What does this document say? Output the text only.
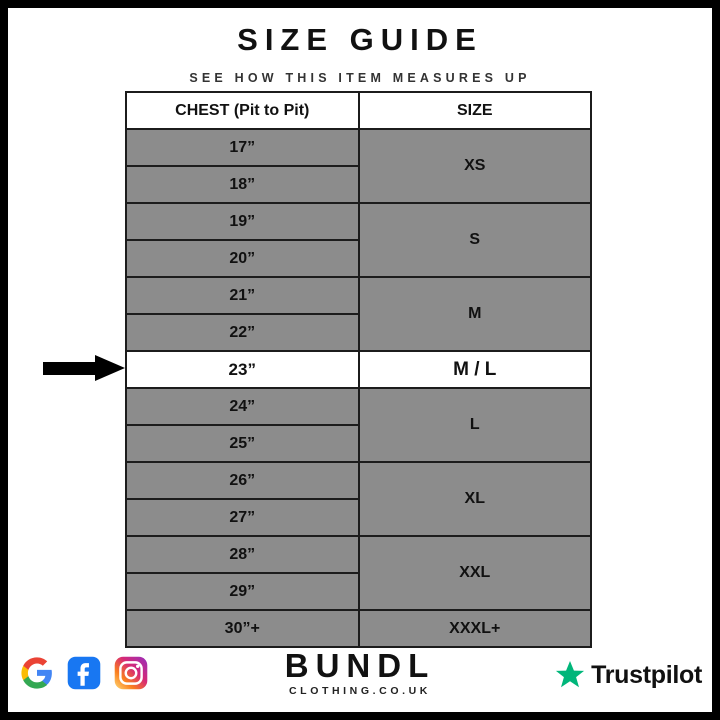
SIZE GUIDE
SEE HOW THIS ITEM MEASURES UP
CHEST (Pit to Pit)	SIZE
17”	XS
18”	
19”	S
20”	
21”	M
22”	
23”	M / L
24”	L
25”	
26”	XL
27”	
28”	XXL
29”	
30”+	XXXL+
BUNDL
CLOTHING.CO.UK
Trustpilot
